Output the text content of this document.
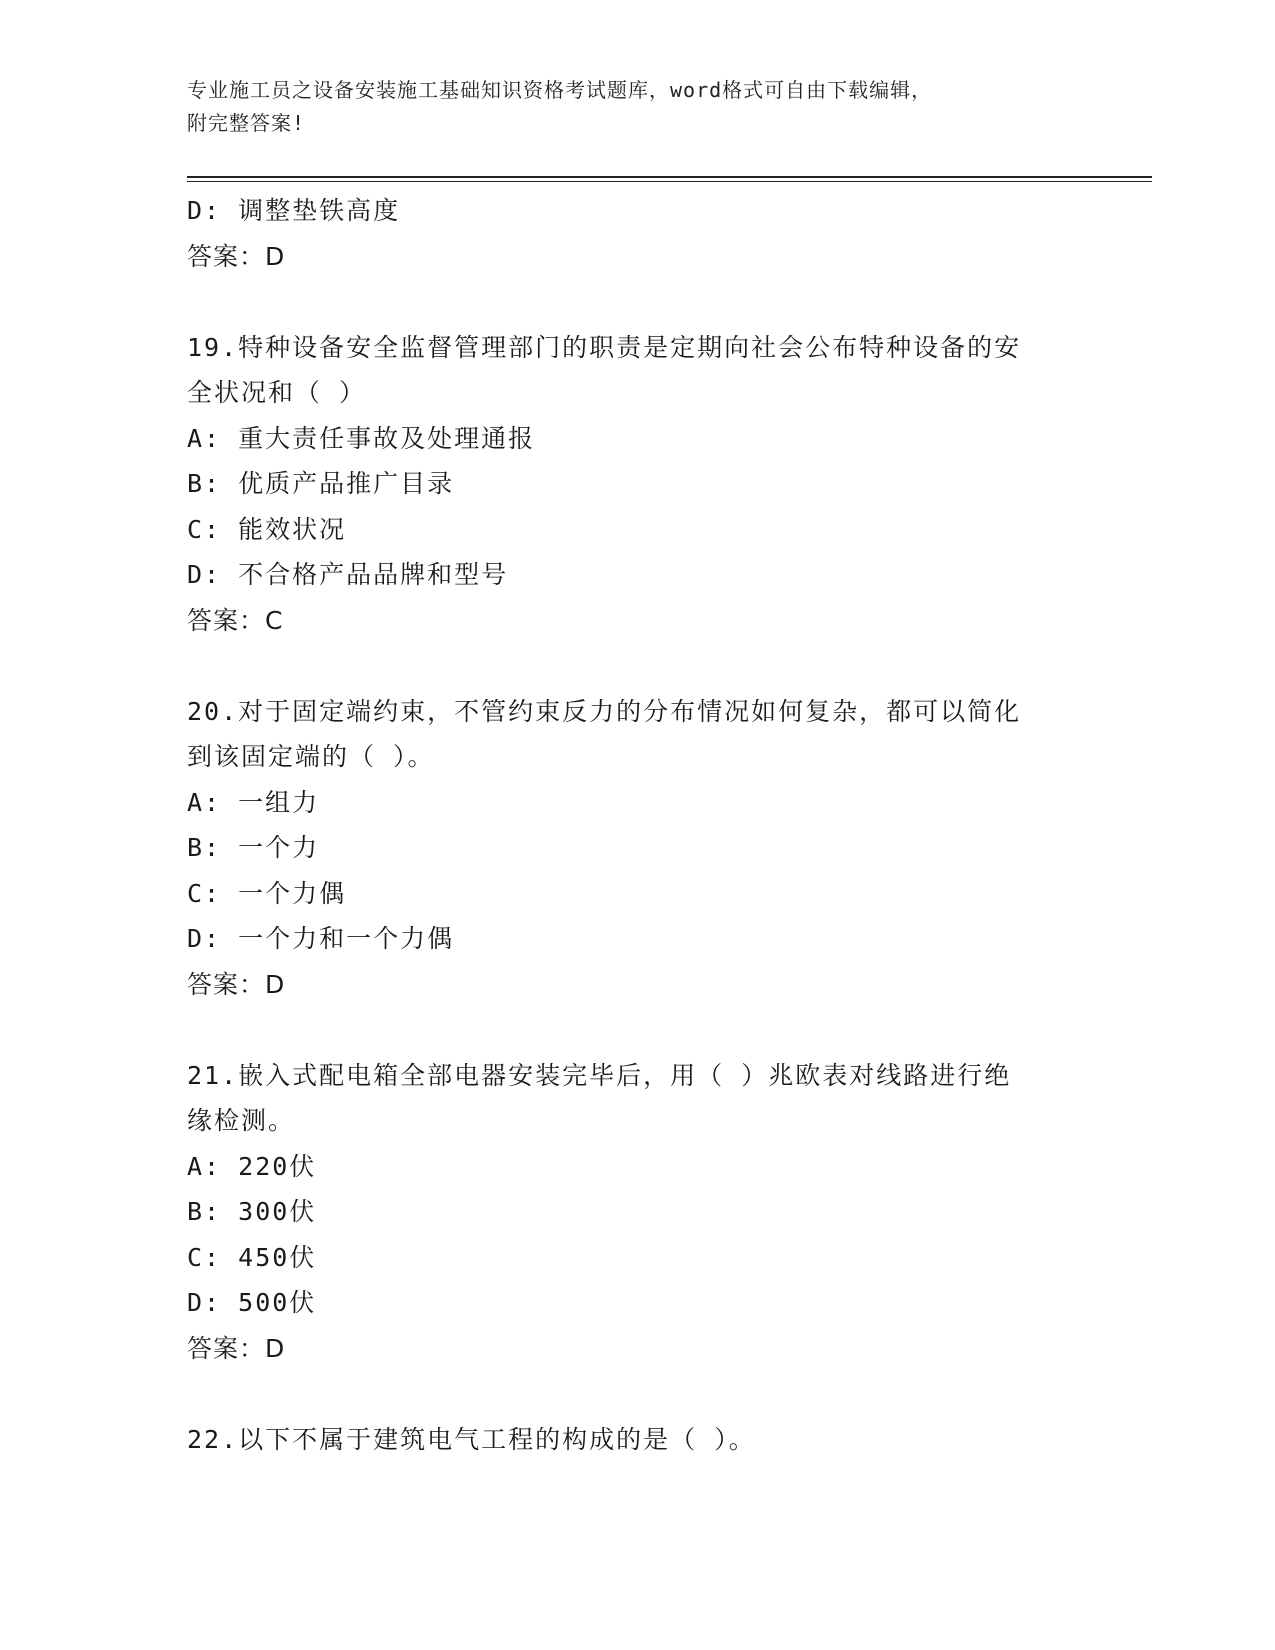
专业施工员之设备安装施工基础知识资格考试题库，word格式可自由下载编辑，
附完整答案!
D: 调整垫铁高度
答案：D
19.特种设备安全监督管理部门的职责是定期向社会公布特种设备的安
全状况和（ ）
A: 重大责任事故及处理通报
B: 优质产品推广目录
C: 能效状况
D: 不合格产品品牌和型号
答案：C
20.对于固定端约束，不管约束反力的分布情况如何复杂，都可以简化
到该固定端的（ ）。
A: 一组力
B: 一个力
C: 一个力偶
D: 一个力和一个力偶
答案：D
21.嵌入式配电箱全部电器安装完毕后，用（ ）兆欧表对线路进行绝
缘检测。
A: 220伏
B: 300伏
C: 450伏
D: 500伏
答案：D
22.以下不属于建筑电气工程的构成的是（ ）。
